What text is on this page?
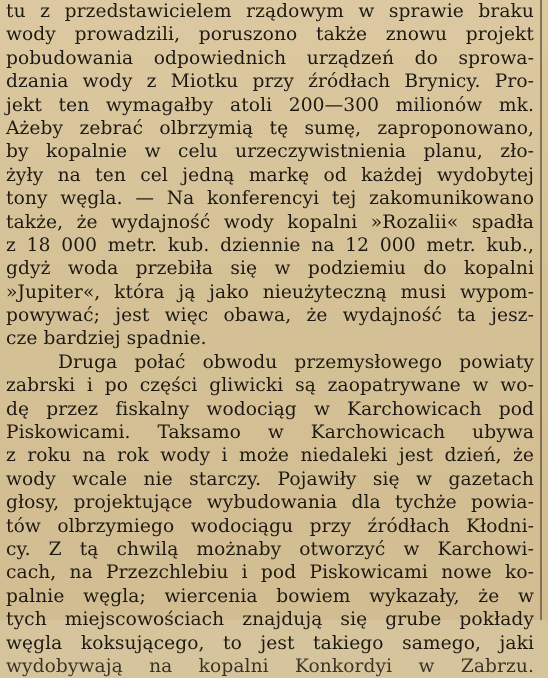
tu z przedstawicielem rządowym w sprawie braku
wody prowadzili, poruszono także znowu projekt
pobudowania odpowiednich urządzeń do sprowa-
dzania wody z Miotku przy źródłach Brynicy. Pro-
jekt ten wymagałby atoli 200—300 milionów mk.
Ażeby zebrać olbrzymią tę sumę, zaproponowano,
by kopalnie w celu urzeczywistnienia planu, zło-
żyły na ten cel jedną markę od każdej wydobytej
tony węgla. — Na konferencyi tej zakomunikowano
także, że wydajność wody kopalni »Rozalii« spadła
z 18 000 metr. kub. dziennie na 12 000 metr. kub.,
gdyż woda przebiła się w podziemiu do kopalni
»Jupiter«, która ją jako nieużyteczną musi wypom-
powywać; jest więc obawa, że wydajność ta jesz-
cze bardziej spadnie.
Druga połać obwodu przemysłowego powiaty
zabrski i po części gliwicki są zaopatrywane w wo-
dę przez fiskalny wodociąg w Karchowicach pod
Piskowicami. Taksamo w Karchowicach ubywa
z roku na rok wody i może niedaleki jest dzień, że
wody wcale nie starczy. Pojawiły się w gazetach
głosy, projektujące wybudowania dla tychże powia-
tów olbrzymiego wodociągu przy źródłach Kłodni-
cy. Z tą chwilą możnaby otworzyć w Karchowi-
cach, na Przezchlebiu i pod Piskowicami nowe ko-
palnie węgla; wiercenia bowiem wykazały, że w
tych miejscowościach znajdują się grube pokłady
węgla koksującego, to jest takiego samego, jaki
wydobywają na kopalni Konkordyi w Zabrzu.
